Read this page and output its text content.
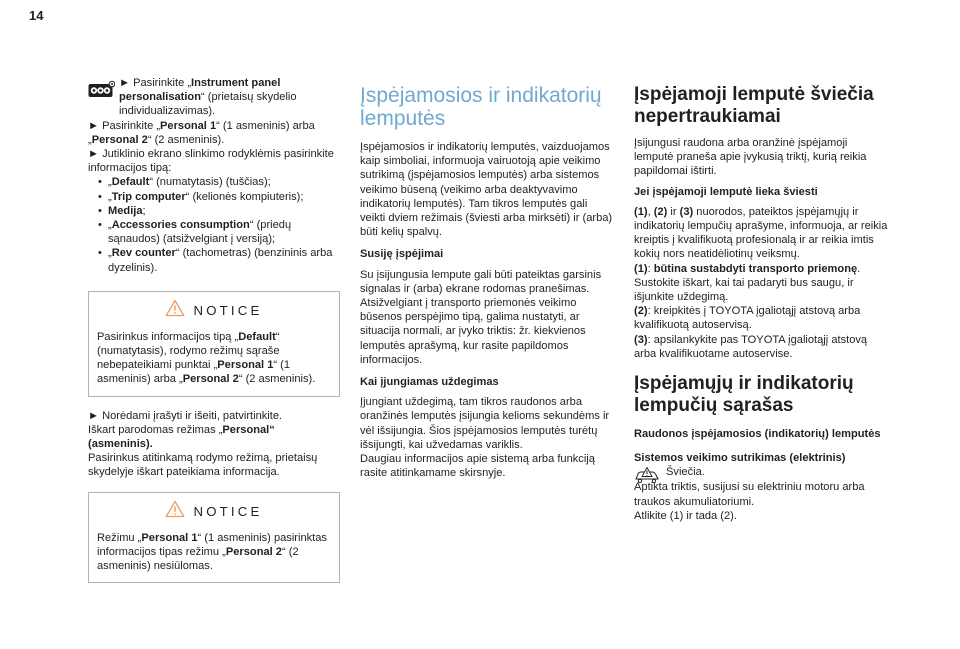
14

► Pasirinkite „Instrument panel personalisation“ (prietaisų skydelio individualizavimas).

► Pasirinkite „Personal 1“ (1 asmeninis) arba „Personal 2“ (2 asmeninis).

► Jutiklinio ekrano slinkimo rodyklėmis pasirinkite informacijos tipą:

• „Default“ (numatytasis) (tuščias);
• „Trip computer“ (kelionės kompiuteris);
• Medija;
• „Accessories consumption“ (priedų sąnaudos) (atsižvelgiant į versiją);
• „Rev counter“ (tachometras) (benzininis arba dyzelinis).
NOTICE

Pasirinkus informacijos tipą „Default“ (numatytasis), rodymo režimų sąraše nebepateikiami punktai „Personal 1“ (1 asmeninis) arba „Personal 2“ (2 asmeninis).

► Norėdami įrašyti ir išeiti, patvirtinkite.
Iškart parodomas režimas „Personal“ (asmeninis).
Pasirinkus atitinkamą rodymo režimą, prietaisų skydelyje iškart pateikiama informacija.

NOTICE

Režimu „Personal 1“ (1 asmeninis) pasirinktas informacijos tipas režimu „Personal 2“ (2 asmeninis) nesiūlomas.

Įspėjamosios ir indikatorių lemputės

Įspėjamosios ir indikatorių lemputės, vaizduojamos kaip simboliai, informuoja vairuotoją apie veikimo sutrikimą (įspėjamosios lemputės) arba sistemos veikimo būseną (veikimo arba deaktyvavimo indikatorių lemputės). Tam tikros lemputės gali veikti dviem režimais (šviesti arba mirksėti) ir (arba) būti kelių spalvų.

Susiję įspėjimai

Su įsijungusia lempute gali būti pateiktas garsinis signalas ir (arba) ekrane rodomas pranešimas. Atsižvelgiant į transporto priemonės veikimo būsenos perspėjimo tipą, galima nustatyti, ar situacija normali, ar įvyko triktis: žr. kiekvienos lemputės aprašymą, kur rasite papildomos informacijos.

Kai įjungiamas uždegimas

Įjungiant uždegimą, tam tikros raudonos arba oranžinės lemputės įsijungia kelioms sekundėms ir vėl išsijungia. Šios įspėjamosios lemputės turėtų išsijungti, kai užvedamas variklis.

Daugiau informacijos apie sistemą arba funkciją rasite atitinkamame skirsnyje.

Įspėjamoji lemputė šviečia nepertraukiamai

Įsijungusi raudona arba oranžinė įspėjamoji lemputė praneša apie įvykusią triktį, kurią reikia papildomai ištirti.

Jei įspėjamoji lemputė lieka šviesti

(1), (2) ir (3) nuorodos, pateiktos įspėjamųjų ir indikatorių lempučių aprašyme, informuoja, ar reikia kreiptis į kvalifikuotą profesionalą ir ar reikia imtis kokių nors neatidėliotinų veiksmų.

(1): būtina sustabdyti transporto priemonę. Sustokite iškart, kai tai padaryti bus saugu, ir išjunkite uždegimą.

(2): kreipkitės į TOYOTA įgaliotąjį atstovą arba kvalifikuotą autoservisą.

(3): apsilankykite pas TOYOTA įgaliotąjį atstovą arba kvalifikuotame autoservise.

Įspėjamųjų ir indikatorių lempučių sąrašas
Raudonos įspėjamosios (indikatorių) lemputės
Sistemos veikimo sutrikimas (elektrinis)

Šviečia.

Aptikta triktis, susijusi su elektriniu motoru arba traukos akumuliatoriumi.

Atlikite (1) ir tada (2).
